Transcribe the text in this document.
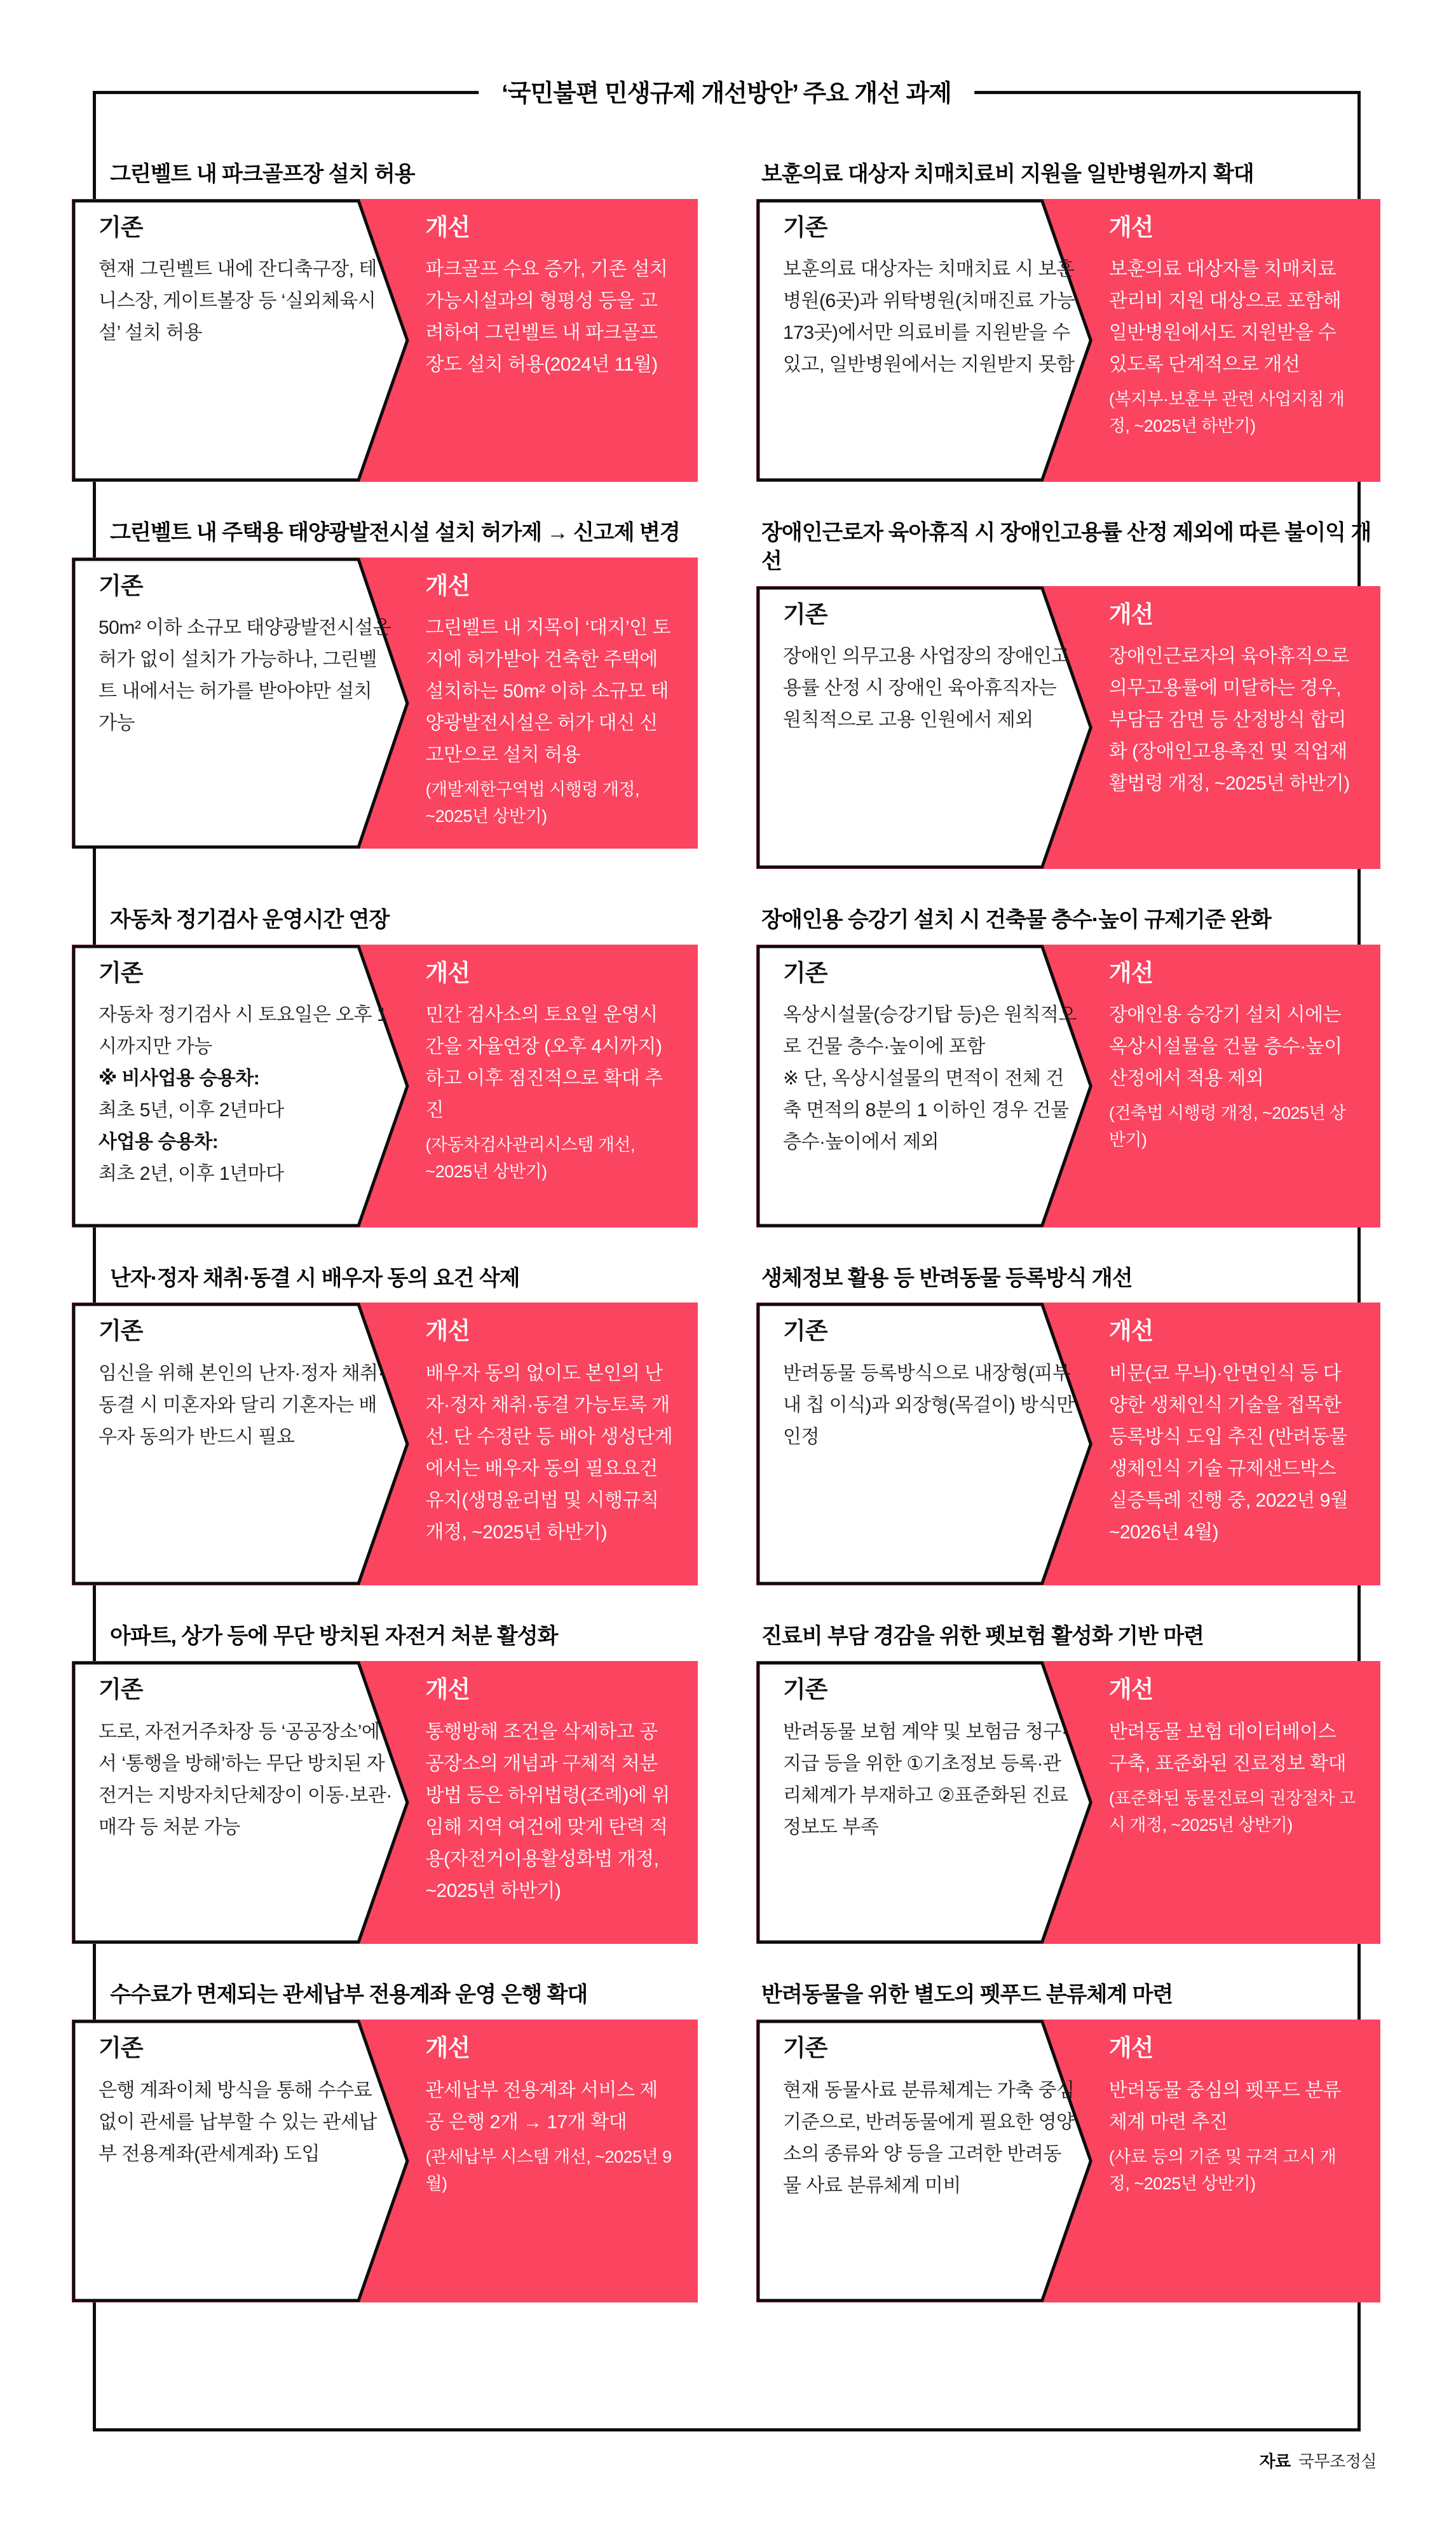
‘국민불편 민생규제 개선방안’ 주요 개선 과제
그린벨트 내 파크골프장 설치 허용
개선
파크골프 수요 증가, 기존 설치 가능시설과의 형평성 등을 고려하여 그린벨트 내 파크골프장도 설치 허용(2024년 11월)
기존
현재 그린벨트 내에 잔디축구장, 테니스장, 게이트볼장 등 ‘실외체육시설’ 설치 허용
보훈의료 대상자 치매치료비 지원을 일반병원까지 확대
개선
보훈의료 대상자를 치매치료 관리비 지원 대상으로 포함해 일반병원에서도 지원받을 수 있도록 단계적으로 개선
(복지부·보훈부 관련 사업지침 개정, ~2025년 하반기)
기존
보훈의료 대상자는 치매치료 시 보훈병원(6곳)과 위탁병원(치매진료 가능 173곳)에서만 의료비를 지원받을 수 있고, 일반병원에서는 지원받지 못함
그린벨트 내 주택용 태양광발전시설 설치 허가제 → 신고제 변경
개선
그린벨트 내 지목이 ‘대지’인 토지에 허가받아 건축한 주택에 설치하는 50m² 이하 소규모 태양광발전시설은 허가 대신 신고만으로 설치 허용
(개발제한구역법 시행령 개정, ~2025년 상반기)
기존
50m² 이하 소규모 태양광발전시설은 허가 없이 설치가 가능하나, 그린벨트 내에서는 허가를 받아야만 설치 가능
장애인근로자 육아휴직 시 장애인고용률 산정 제외에 따른 불이익 개선
개선
장애인근로자의 육아휴직으로 의무고용률에 미달하는 경우, 부담금 감면 등 산정방식 합리화 (장애인고용촉진 및 직업재활법령 개정, ~2025년 하반기)
기존
장애인 의무고용 사업장의 장애인고용률 산정 시 장애인 육아휴직자는 원칙적으로 고용 인원에서 제외
자동차 정기검사 운영시간 연장
개선
민간 검사소의 토요일 운영시간을 자율연장 (오후 4시까지)하고 이후 점진적으로 확대 추진
(자동차검사관리시스템 개선, ~2025년 상반기)
기존
자동차 정기검사 시 토요일은 오후 1시까지만 가능
※ 비사업용 승용차:
최초 5년, 이후 2년마다
사업용 승용차:
최초 2년, 이후 1년마다
장애인용 승강기 설치 시 건축물 층수·높이 규제기준 완화
개선
장애인용 승강기 설치 시에는 옥상시설물을 건물 층수·높이 산정에서 적용 제외
(건축법 시행령 개정, ~2025년 상반기)
기존
옥상시설물(승강기탑 등)은 원칙적으로 건물 층수·높이에 포함
※ 단, 옥상시설물의 면적이 전체 건축 면적의 8분의 1 이하인 경우 건물 층수·높이에서 제외
난자·정자 채취·동결 시 배우자 동의 요건 삭제
개선
배우자 동의 없이도 본인의 난자·정자 채취·동결 가능토록 개선. 단 수정란 등 배아 생성단계에서는 배우자 동의 필요요건 유지(생명윤리법 및 시행규칙 개정, ~2025년 하반기)
기존
임신을 위해 본인의 난자·정자 채취·동결 시 미혼자와 달리 기혼자는 배우자 동의가 반드시 필요
생체정보 활용 등 반려동물 등록방식 개선
개선
비문(코 무늬)·안면인식 등 다양한 생체인식 기술을 접목한 등록방식 도입 추진 (반려동물 생체인식 기술 규제샌드박스 실증특례 진행 중, 2022년 9월~2026년 4월)
기존
반려동물 등록방식으로 내장형(피부 내 칩 이식)과 외장형(목걸이) 방식만 인정
아파트, 상가 등에 무단 방치된 자전거 처분 활성화
개선
통행방해 조건을 삭제하고 공공장소의 개념과 구체적 처분 방법 등은 하위법령(조례)에 위임해 지역 여건에 맞게 탄력 적용(자전거이용활성화법 개정, ~2025년 하반기)
기존
도로, 자전거주차장 등 ‘공공장소’에서 ‘통행을 방해’하는 무단 방치된 자전거는 지방자치단체장이 이동·보관·매각 등 처분 가능
진료비 부담 경감을 위한 펫보험 활성화 기반 마련
개선
반려동물 보험 데이터베이스 구축, 표준화된 진료정보 확대
(표준화된 동물진료의 권장절차 고시 개정, ~2025년 상반기)
기존
반려동물 보험 계약 및 보험금 청구·지급 등을 위한 ①기초정보 등록·관리체계가 부재하고 ②표준화된 진료 정보도 부족
수수료가 면제되는 관세납부 전용계좌 운영 은행 확대
개선
관세납부 전용계좌 서비스 제공 은행 2개 → 17개 확대
(관세납부 시스템 개선, ~2025년 9월)
기존
은행 계좌이체 방식을 통해 수수료 없이 관세를 납부할 수 있는 관세납부 전용계좌(관세계좌) 도입
반려동물을 위한 별도의 펫푸드 분류체계 마련
개선
반려동물 중심의 펫푸드 분류체계 마련 추진
(사료 등의 기준 및 규격 고시 개정, ~2025년 상반기)
기존
현재 동물사료 분류체계는 가축 중심 기준으로, 반려동물에게 필요한 영양소의 종류와 양 등을 고려한 반려동물 사료 분류체계 미비
자료 국무조정실
